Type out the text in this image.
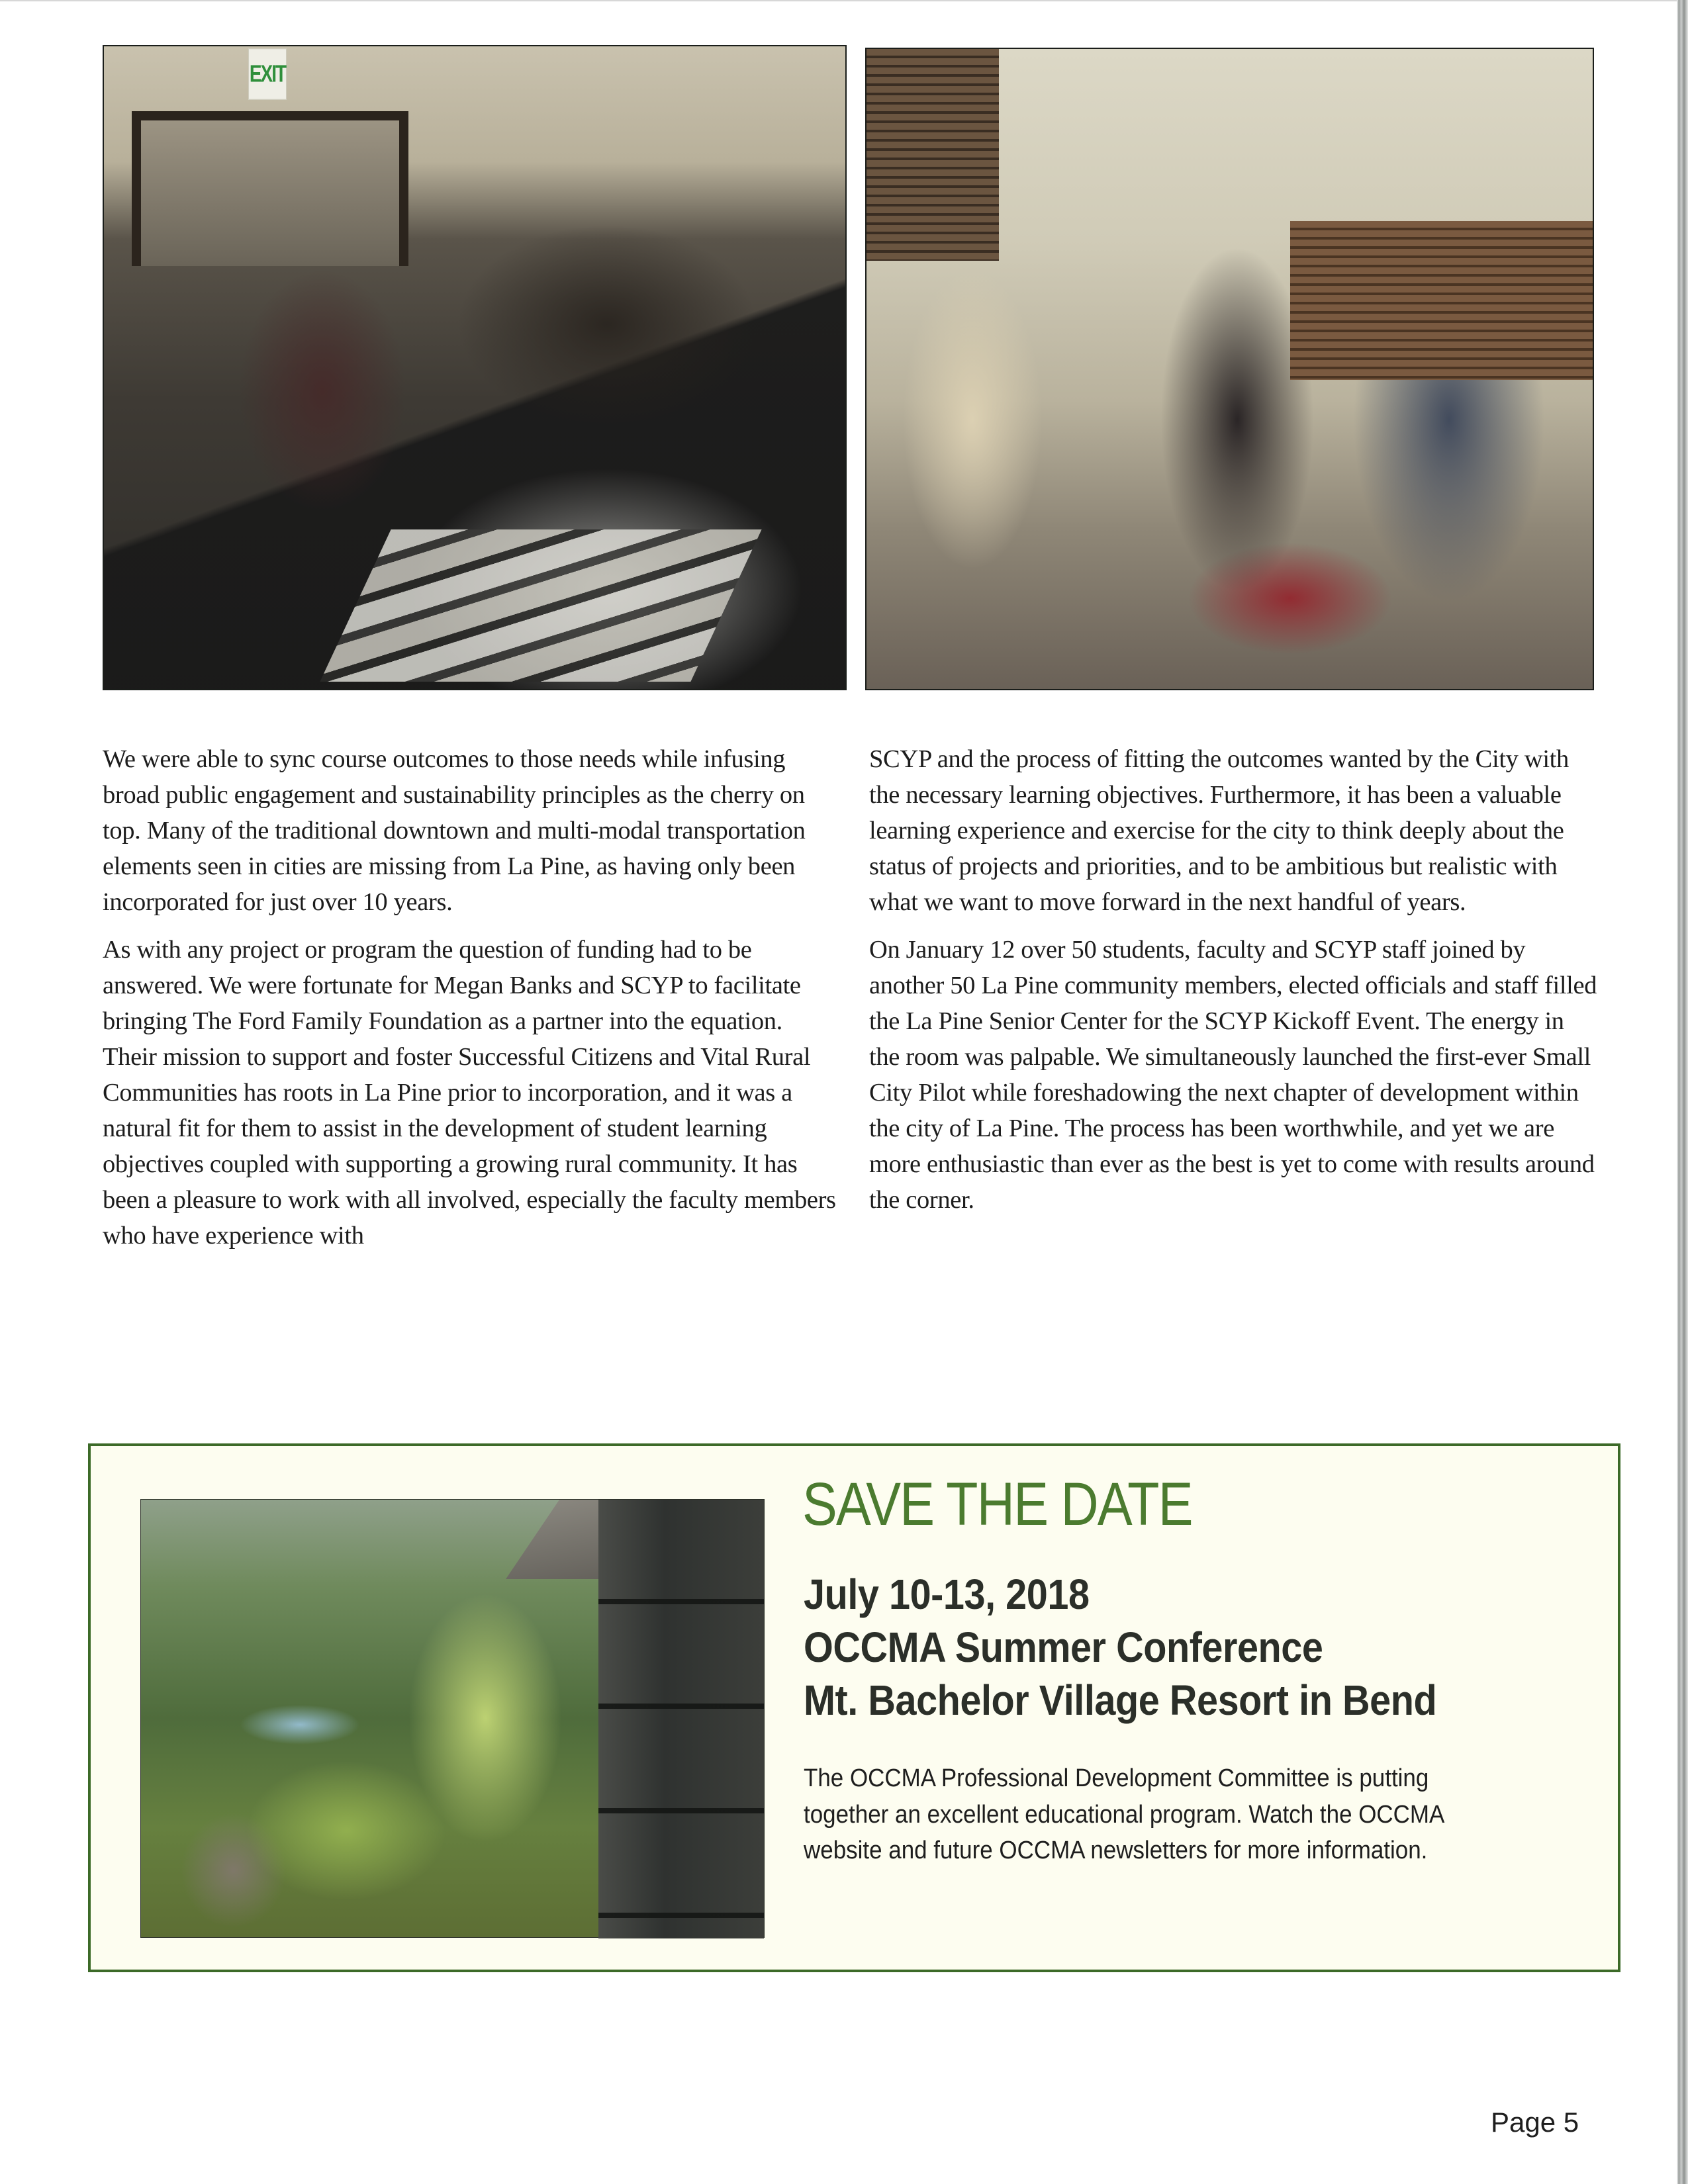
EXIT

We were able to sync course outcomes to those needs while infusing broad public engagement and sustainability principles as the cherry on top. Many of the traditional downtown and multi-modal transportation elements seen in cities are missing from La Pine, as having only been incorporated for just over 10 years.

As with any project or program the question of funding had to be answered. We were fortunate for Megan Banks and SCYP to facilitate bringing The Ford Family Foundation as a partner into the equation. Their mission to support and foster Successful Citizens and Vital Rural Communities has roots in La Pine prior to incorporation, and it was a natural fit for them to assist in the development of student learning objectives coupled with supporting a growing rural community. It has been a pleasure to work with all involved, especially the faculty members who have experience with

SCYP and the process of fitting the outcomes wanted by the City with the necessary learning objectives. Furthermore, it has been a valuable learning experience and exercise for the city to think deeply about the status of projects and priorities, and to be ambitious but realistic with what we want to move forward in the next handful of years.

On January 12 over 50 students, faculty and SCYP staff joined by another 50 La Pine community members, elected officials and staff filled the La Pine Senior Center for the SCYP Kickoff Event. The energy in the room was palpable. We simultaneously launched the first-ever Small City Pilot while foreshadowing the next chapter of development within the city of La Pine. The process has been worthwhile, and yet we are more enthusiastic than ever as the best is yet to come with results around the corner.

SAVE THE DATE
July 10-13, 2018
OCCMA Summer Conference
Mt. Bachelor Village Resort in Bend
The OCCMA Professional Development Committee is putting
together an excellent educational program. Watch the OCCMA
website and future OCCMA newsletters for more information.
Page 5
